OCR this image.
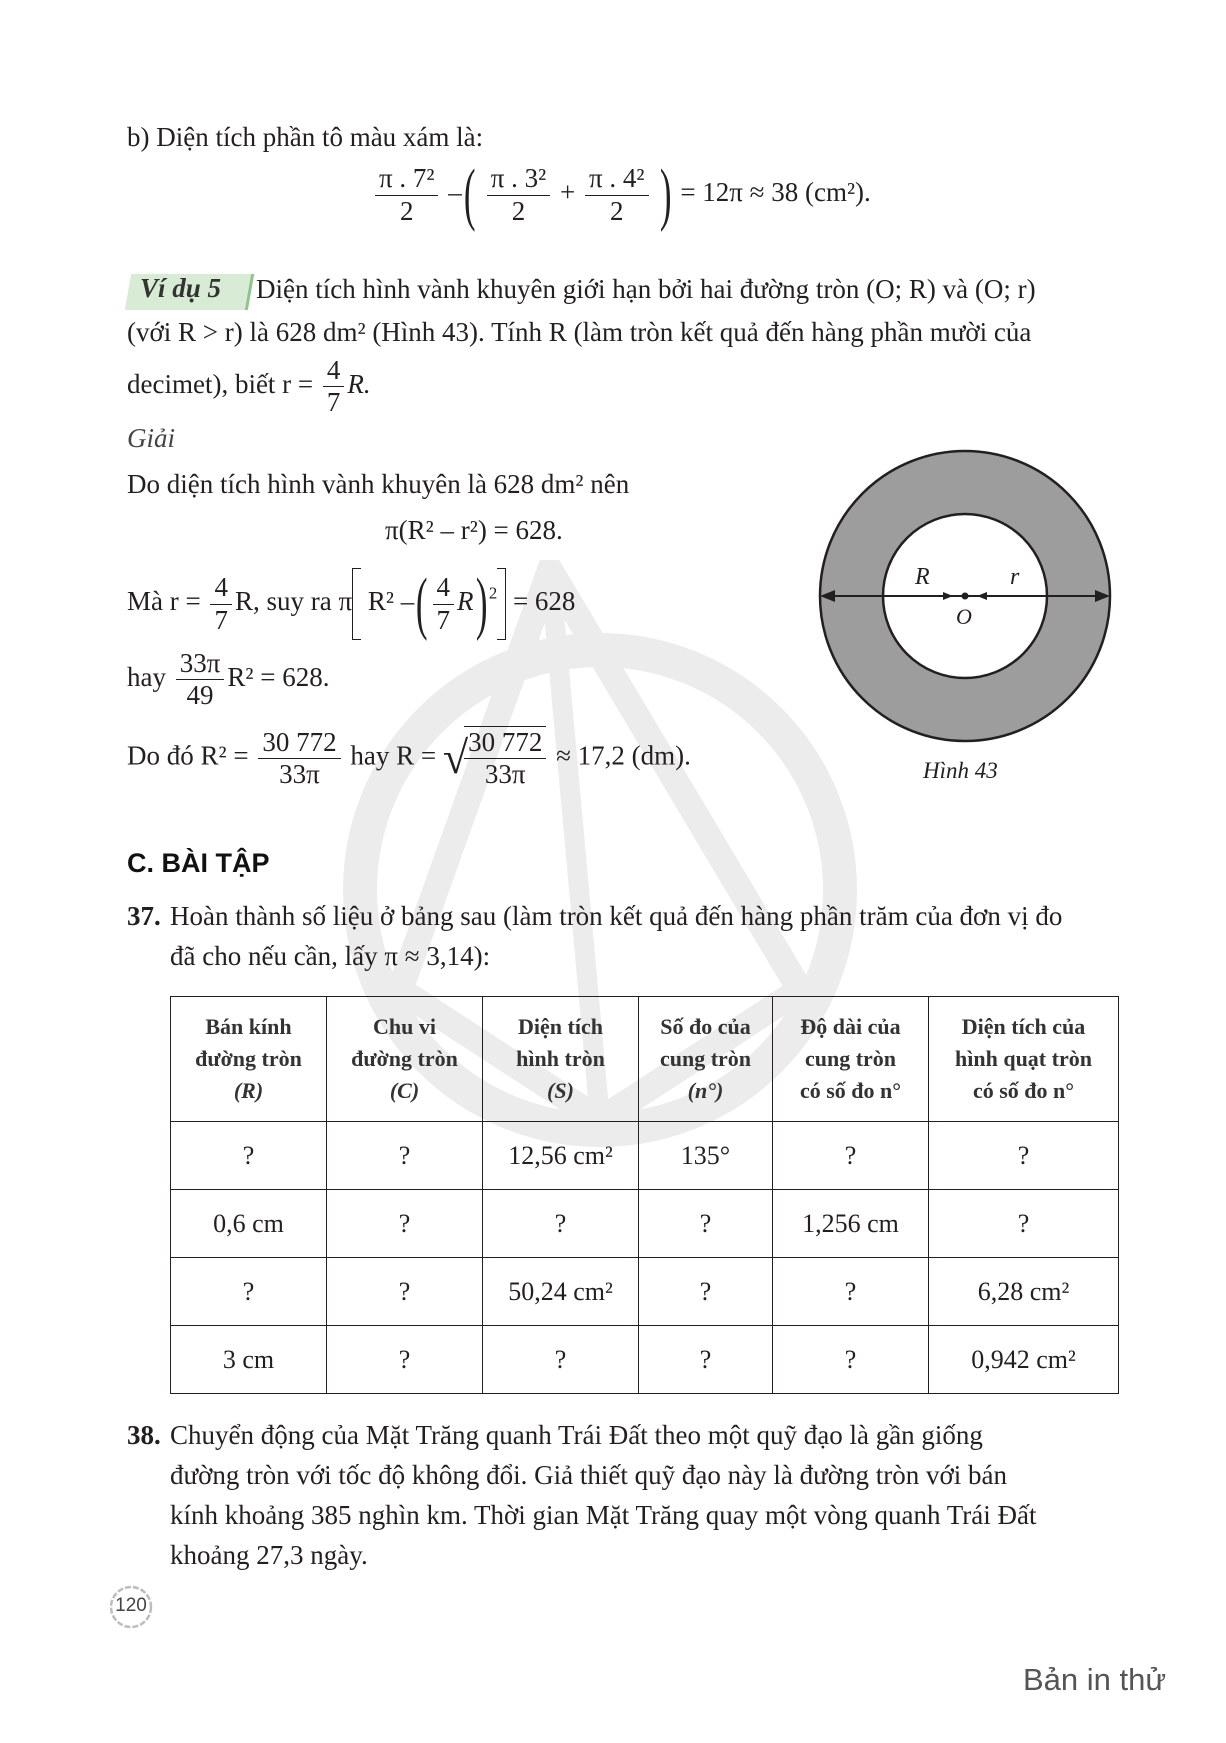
b) Diện tích phần tô màu xám là:
$\frac{\text{π . 7²}}{2}$ –( $\frac{\text{π . 3²}}{2} + \frac{\text{π . 4²}}{2}$ ) = 12π ≈ 38 (cm²).
Ví dụ 5 Diện tích hình vành khuyên giới hạn bởi hai đường tròn (O; R) và (O; r)
(với R > r) là 628 dm² (Hình 43). Tính R (làm tròn kết quả đến hàng phần mười của
decimet), biết $r = \frac{4}{7} R$.
Giải
Do diện tích hình vành khuyên là 628 dm² nên
π(R² – r²) = 628.
Mà $r = \frac{4}{7} R$, suy ra π R² –( $\frac{4}{7} R$) $^2$ = 628
hay $\frac{33\pi}{49} R^2 = 628$.
Do đó $R^2 = \frac{30 772}{33\pi}$ hay R = √
$\frac{30 772}{33\pi} \approx 17,2$ (dm).
R	r
O
Hình 43
C. BÀI TẬP
37. Hoàn thành số liệu ở bảng sau (làm tròn kết quả đến hàng phần trăm của đơn vị đo
đã cho nếu cần, lấy π ≈ 3,14):
Bán kính
đường tròn
(R)	Chu vi
đường tròn
(C)	Diện tích
hình tròn
(S)	Số đo của
cung tròn
(n°)	Độ dài của
cung tròn
có số đo n°	Diện tích của
hình quạt tròn
có số đo n°
?	?	12,56 cm²	135°	?	?
0,6 cm	?	?	?	1,256 cm	?
?	?	50,24 cm²	?	?	6,28 cm²
3 cm	?	?	?	?	0,942 cm²
38. Chuyển động của Mặt Trăng quanh Trái Đất theo một quỹ đạo là gần giống
đường tròn với tốc độ không đổi. Giả thiết quỹ đạo này là đường tròn với bán
kính khoảng 385 nghìn km. Thời gian Mặt Trăng quay một vòng quanh Trái Đất
khoảng 27,3 ngày.
120
Bản in thử
